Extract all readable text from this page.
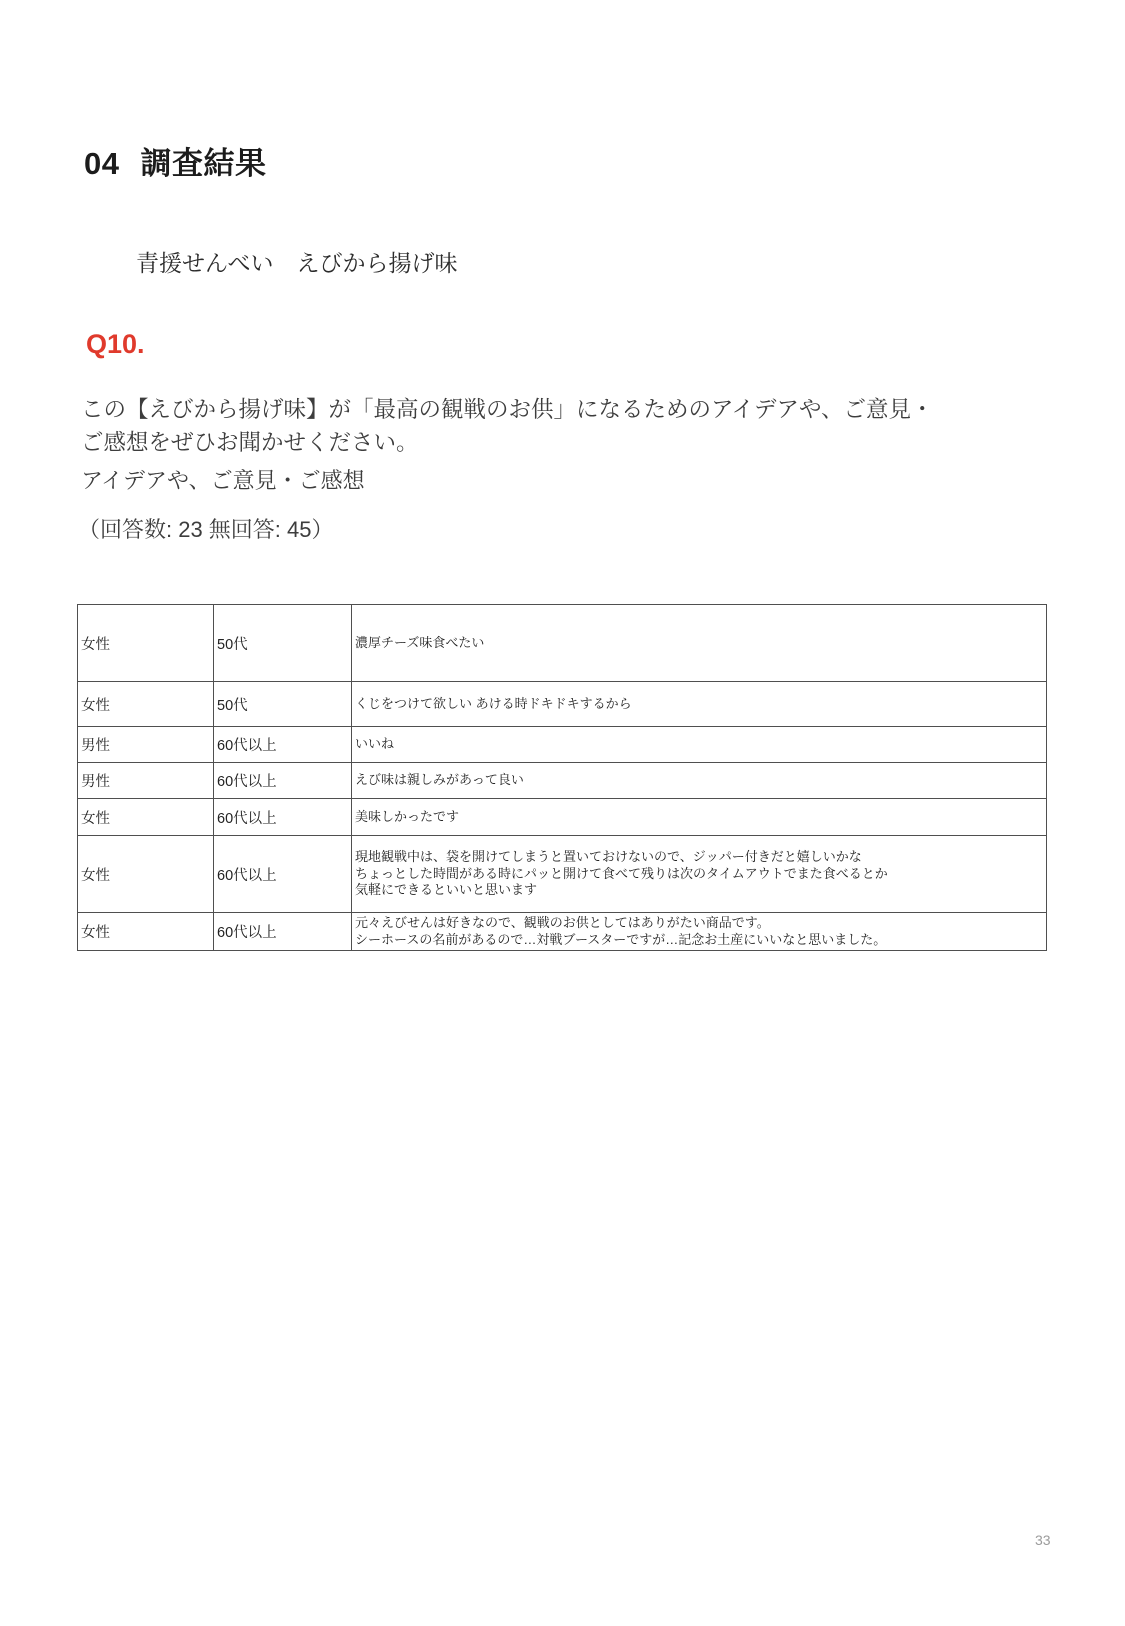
04 調査結果
青援せんべい　えびから揚げ味
Q10.
この【えびから揚げ味】が「最高の観戦のお供」になるためのアイデアや、ご意見・
ご感想をぜひお聞かせください。
アイデアや、ご意見・ご感想
（回答数: 23 無回答: 45）
女性	50代	濃厚チーズ味食べたい

女性	50代	くじをつけて欲しい あける時ドキドキするから

男性	60代以上	いいね

男性	60代以上	えび味は親しみがあって良い

女性	60代以上	美味しかったです

女性	60代以上	現地観戦中は、袋を開けてしまうと置いておけないので、ジッパー付きだと嬉しいかな
ちょっとした時間がある時にパッと開けて食べて残りは次のタイムアウトでまた食べるとか
気軽にできるといいと思います

女性	60代以上	元々えびせんは好きなので、観戦のお供としてはありがたい商品です。
シーホースの名前があるので…対戦ブースターですが…記念お土産にいいなと思いました。
33
